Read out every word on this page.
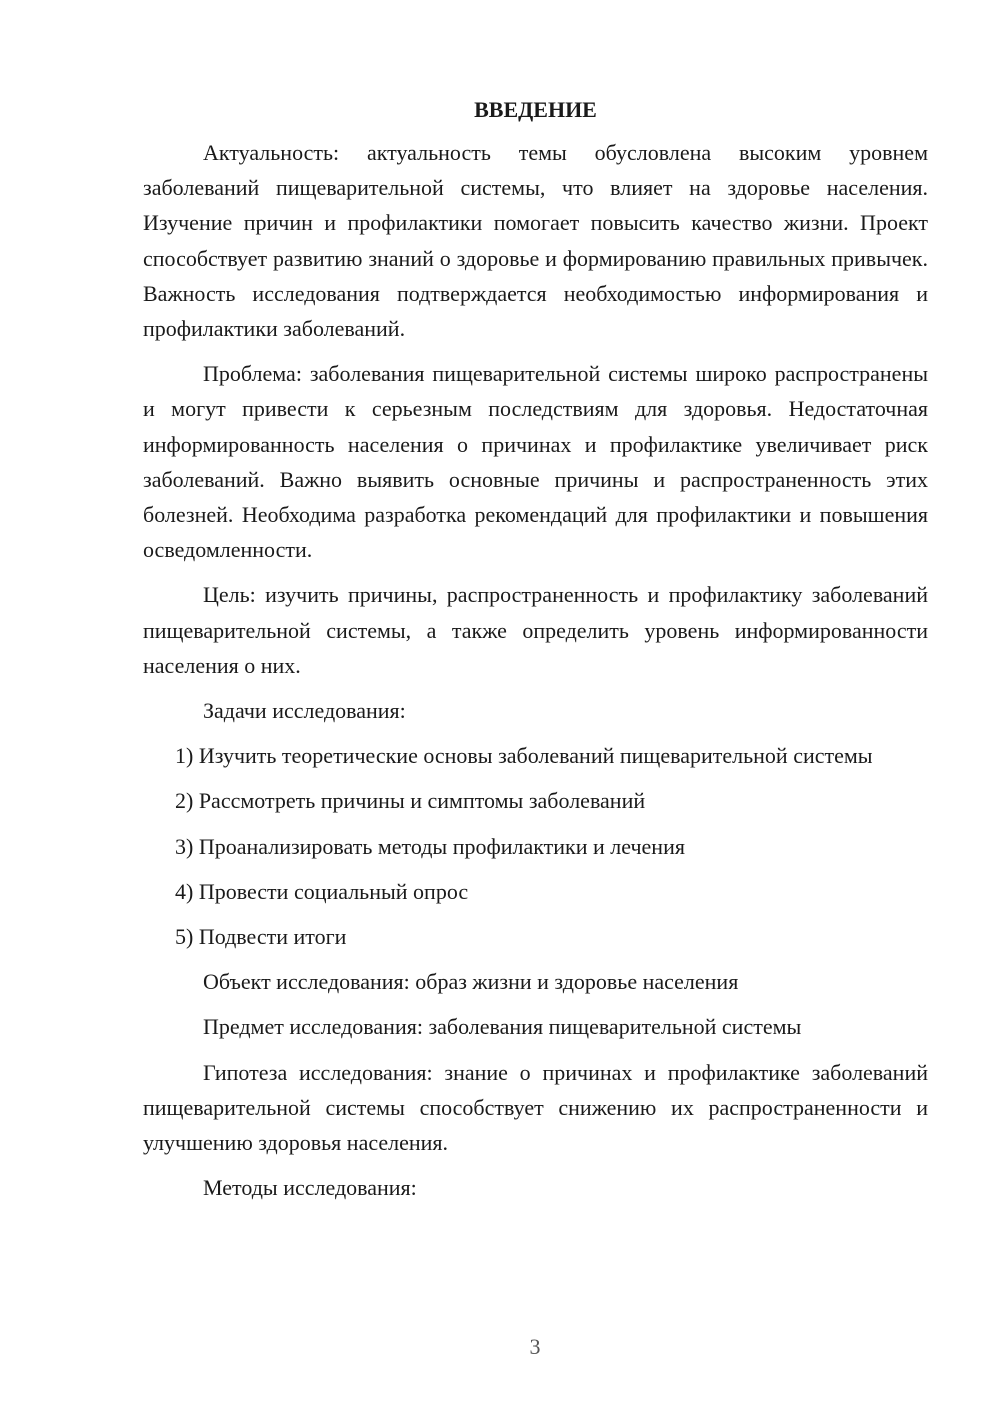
ВВЕДЕНИЕ

Актуальность: актуальность темы обусловлена высоким уровнем заболеваний пищеварительной системы, что влияет на здоровье населения. Изучение причин и профилактики помогает повысить качество жизни. Проект способствует развитию знаний о здоровье и формированию правильных привычек. Важность исследования подтверждается необходимостью информирования и профилактики заболеваний.

Проблема: заболевания пищеварительной системы широко распространены и могут привести к серьезным последствиям для здоровья. Недостаточная информированность населения о причинах и профилактике увеличивает риск заболеваний. Важно выявить основные причины и распространенность этих болезней. Необходима разработка рекомендаций для профилактики и повышения осведомленности.

Цель: изучить причины, распространенность и профилактику заболеваний пищеварительной системы, а также определить уровень информированности населения о них.

Задачи исследования:

1) Изучить теоретические основы заболеваний пищеварительной системы

2) Рассмотреть причины и симптомы заболеваний

3) Проанализировать методы профилактики и лечения

4) Провести социальный опрос

5) Подвести итоги

Объект исследования: образ жизни и здоровье населения

Предмет исследования: заболевания пищеварительной системы

Гипотеза исследования: знание о причинах и профилактике заболеваний пищеварительной системы способствует снижению их распространенности и улучшению здоровья населения.

Методы исследования:

3
